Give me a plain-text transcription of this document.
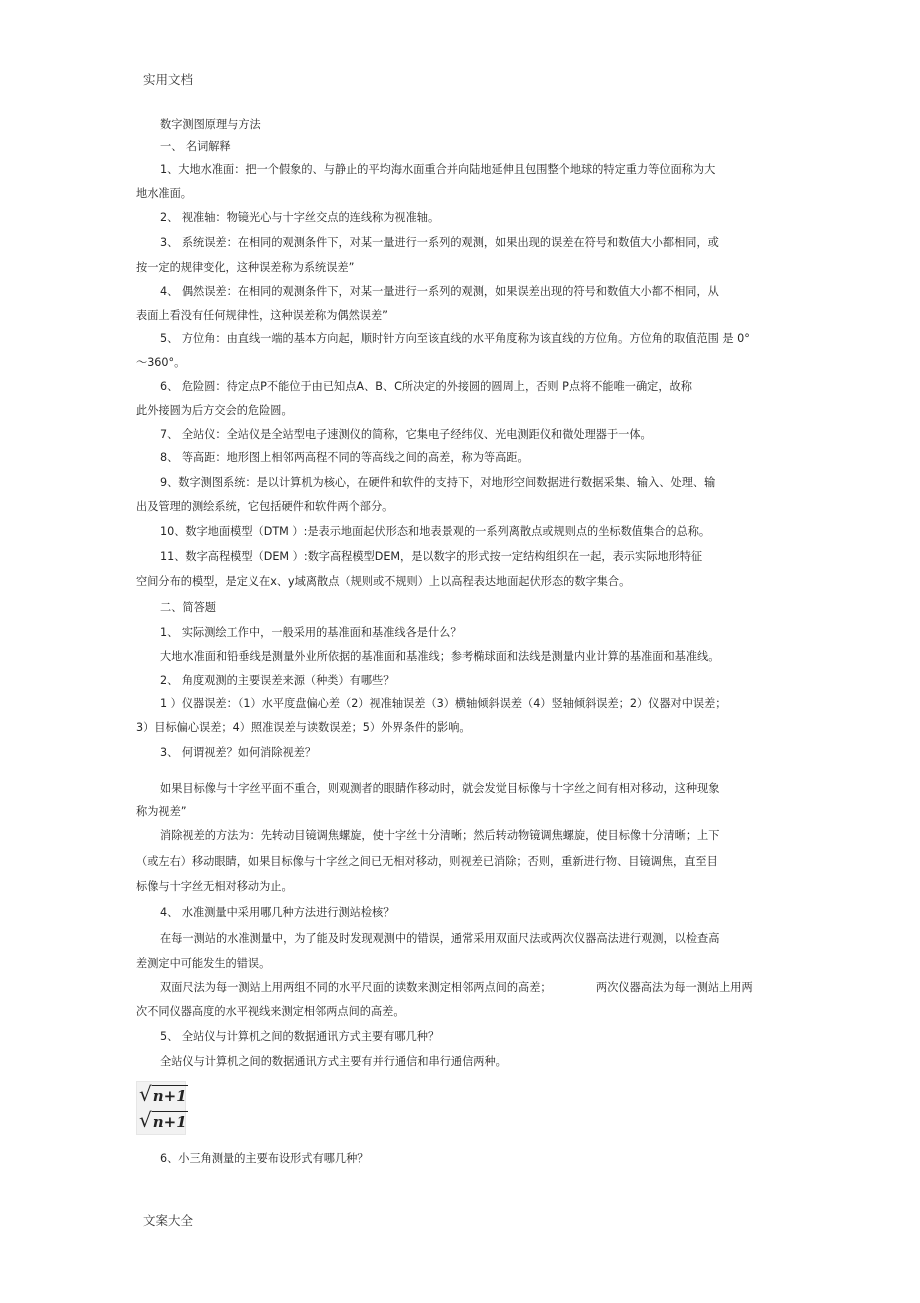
实用文档
数字测图原理与方法
一、 名词解释
1、大地水准面：把一个假象的、与静止的平均海水面重合并向陆地延伸且包围整个地球的特定重力等位面称为大
地水准面。
2、 视准轴：物镜光心与十字丝交点的连线称为视准轴。
3、 系统误差：在相同的观测条件下，对某一量进行一系列的观测，如果出现的误差在符号和数值大小都相同，或
按一定的规律变化，这种误差称为系统误差”
4、 偶然误差：在相同的观测条件下，对某一量进行一系列的观测，如果误差出现的符号和数值大小都不相同，从
表面上看没有任何规律性，这种误差称为偶然误差”
5、 方位角：由直线一端的基本方向起，顺时针方向至该直线的水平角度称为该直线的方位角。方位角的取值范围 是 0°
～360°。
6、 危险圆：待定点P不能位于由已知点A、B、C所决定的外接圆的圆周上，否则 P点将不能唯一确定，故称
此外接圆为后方交会的危险圆。
7、 全站仪：全站仪是全站型电子速测仪的简称，它集电子经纬仪、光电测距仪和微处理器于一体。
8、 等高距：地形图上相邻两高程不同的等高线之间的高差，称为等高距。
9、数字测图系统：是以计算机为核心，在硬件和软件的支持下，对地形空间数据进行数据采集、输入、处理、输
出及管理的测绘系统，它包括硬件和软件两个部分。
10、数字地面模型（DTM ）:是表示地面起伏形态和地表景观的一系列离散点或规则点的坐标数值集合的总称。
11、数字高程模型（DEM ）:数字高程模型DEM，是以数字的形式按一定结构组织在一起，表示实际地形特征
空间分布的模型，是定义在x、y域离散点（规则或不规则）上以高程表达地面起伏形态的数字集合。
二、简答题
1、 实际测绘工作中，一般采用的基准面和基准线各是什么？
大地水准面和铅垂线是测量外业所依据的基准面和基准线；参考椭球面和法线是测量内业计算的基准面和基准线。
2、 角度观测的主要误差来源（种类）有哪些？
1 ）仪器误差：（1）水平度盘偏心差（2）视准轴误差（3）横轴倾斜误差（4）竖轴倾斜误差；2）仪器对中误差；
3）目标偏心误差；4）照准误差与读数误差；5）外界条件的影响。
3、 何谓视差？如何消除视差？
如果目标像与十字丝平面不重合，则观测者的眼睛作移动时，就会发觉目标像与十字丝之间有相对移动，这种现象
称为视差”
消除视差的方法为：先转动目镜调焦螺旋，使十字丝十分清晰；然后转动物镜调焦螺旋，使目标像十分清晰；上下
（或左右）移动眼睛，如果目标像与十字丝之间已无相对移动，则视差已消除；否则，重新进行物、目镜调焦，直至目
标像与十字丝无相对移动为止。
4、 水准测量中采用哪几种方法进行测站检核？
在每一测站的水准测量中，为了能及时发现观测中的错误，通常采用双面尺法或两次仪器高法进行观测，以检查高
差测定中可能发生的错误。
双面尺法为每一测站上用两组不同的水平尺面的读数来测定相邻两点间的高差；	两次仪器高法为每一测站上用两
次不同仪器高度的水平视线来测定相邻两点间的高差。
5、 全站仪与计算机之间的数据通讯方式主要有哪几种？
全站仪与计算机之间的数据通讯方式主要有并行通信和串行通信两种。
√ n+1
√ n+1
6、小三角测量的主要布设形式有哪几种？
文案大全
